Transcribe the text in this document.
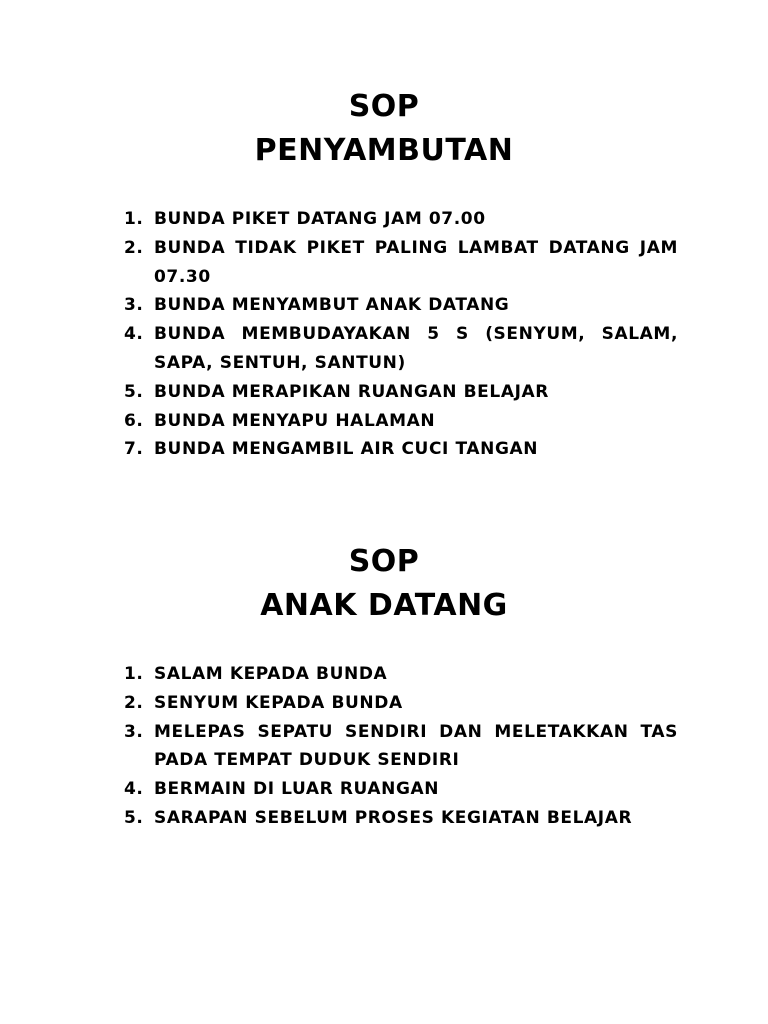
SOP
PENYAMBUTAN
1. BUNDA PIKET DATANG JAM 07.00
2. BUNDA TIDAK PIKET PALING LAMBAT DATANG JAM 07.30
3. BUNDA MENYAMBUT ANAK DATANG
4. BUNDA MEMBUDAYAKAN 5 S (SENYUM, SALAM, SAPA, SENTUH, SANTUN)
5. BUNDA MERAPIKAN RUANGAN BELAJAR
6. BUNDA MENYAPU HALAMAN
7. BUNDA MENGAMBIL AIR CUCI TANGAN
SOP
ANAK DATANG
1. SALAM KEPADA BUNDA
2. SENYUM KEPADA BUNDA
3. MELEPAS SEPATU SENDIRI DAN MELETAKKAN TAS PADA TEMPAT DUDUK SENDIRI
4. BERMAIN DI LUAR RUANGAN
5. SARAPAN SEBELUM PROSES KEGIATAN BELAJAR
